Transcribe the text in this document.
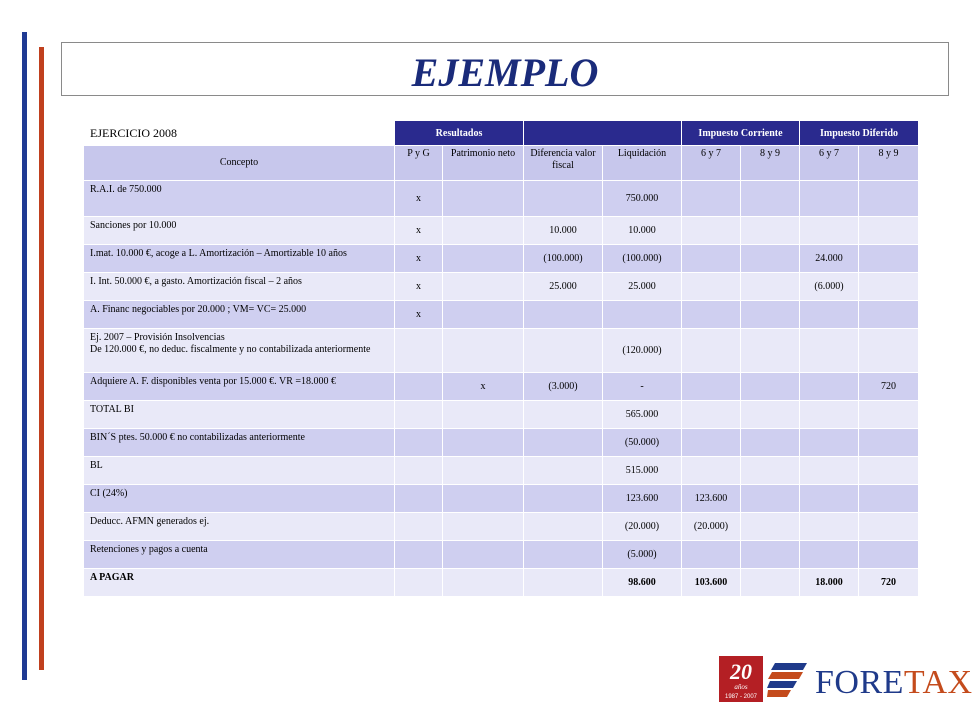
EJEMPLO
EJERCICIO 2008	Resultados				Impuesto Corriente		Impuesto Diferido	
Concepto	P y G	Patrimonio neto	Diferencia valor fiscal	Liquidación	6 y 7	8 y 9	6 y 7	8 y 9
R.A.I. de 750.000	x			750.000				
Sanciones por 10.000	x		10.000	10.000				
I.mat. 10.000 €, acoge a L. Amortización – Amortizable 10 años	x		(100.000)	(100.000)			24.000	
I. Int. 50.000 €, a gasto. Amortización fiscal – 2 años	x		25.000	25.000			(6.000)	
A. Financ negociables por 20.000 ; VM= VC= 25.000	x							
Ej. 2007 – Provisión Insolvencias
De 120.000 €, no deduc. fiscalmente y no contabilizada anteriormente				(120.000)				
Adquiere A. F. disponibles venta por 15.000 €. VR =18.000 €		x	(3.000)	-				720
TOTAL BI				565.000				
BIN´S ptes. 50.000 € no contabilizadas anteriormente				(50.000)				
BL				515.000				
CI (24%)				123.600	123.600			
Deducc. AFMN generados ej.				(20.000)	(20.000)			
Retenciones y pagos a cuenta				(5.000)				
A PAGAR				98.600	103.600		18.000	720
20
años
1987 - 2007 FORETAX
